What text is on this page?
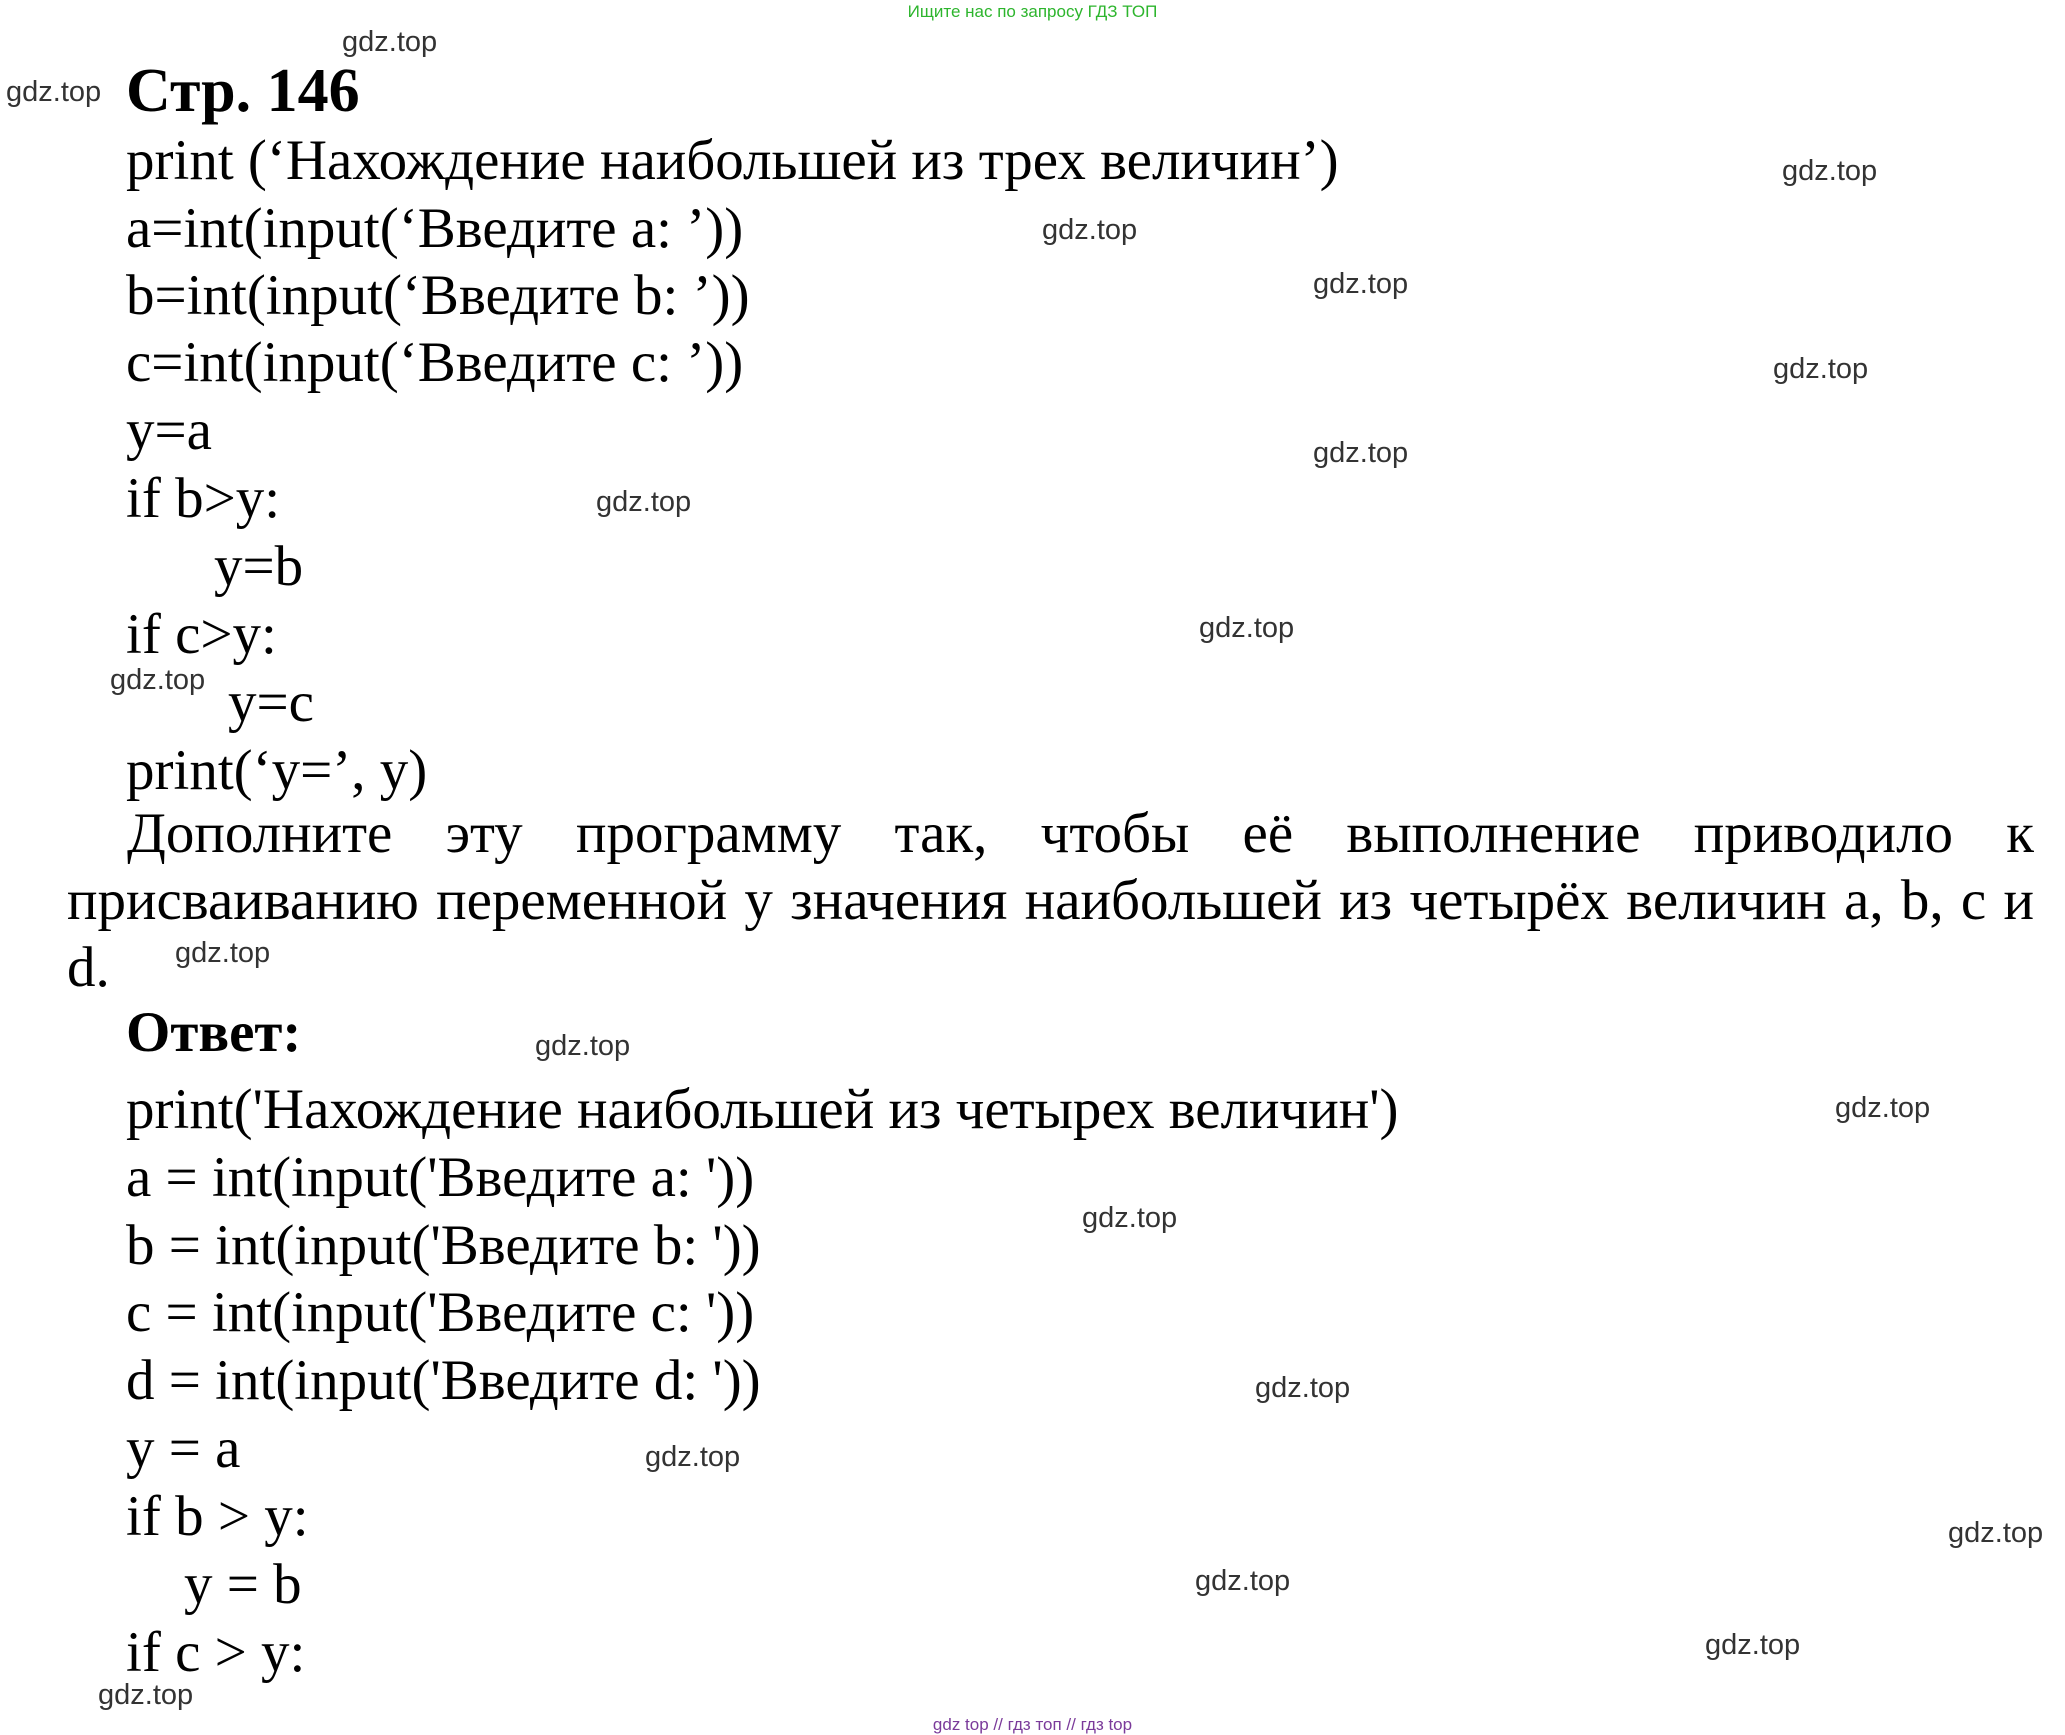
Ищите нас по запросу ГДЗ ТОП
Стр. 146
print (‘Нахождение наибольшей из трех величин’)
a=int(input(‘Введите a: ’))
b=int(input(‘Введите b: ’))
c=int(input(‘Введите c: ’))
y=a
if b>y:
y=b
if c>y:
y=c
print(‘y=’, y)
Дополните эту программу так, чтобы её выполнение приводило к присваиванию переменной y значения наибольшей из четырёх величин a, b, c и d.
Ответ:
print('Нахождение наибольшей из четырех величин')
a = int(input('Введите a: '))
b = int(input('Введите b: '))
c = int(input('Введите c: '))
d = int(input('Введите d: '))
y = a
if b > y:
y = b
if c > y:
gdz.top
gdz.top
gdz.top
gdz.top
gdz.top
gdz.top
gdz.top
gdz.top
gdz.top
gdz.top
gdz.top
gdz.top
gdz.top
gdz.top
gdz.top
gdz.top
gdz.top
gdz.top
gdz.top
gdz.top
gdz top // гдз топ // гдз top
